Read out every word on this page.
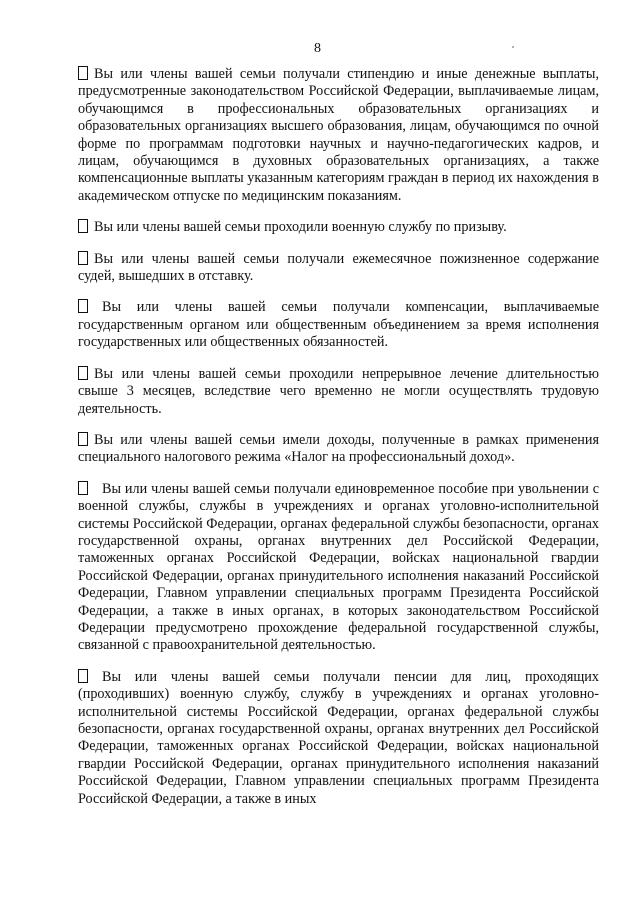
8

Вы или члены вашей семьи получали стипендию и иные денежные выплаты, предусмотренные законодательством Российской Федерации, выплачиваемые лицам, обучающимся в профессиональных образовательных организациях и образовательных организациях высшего образования, лицам, обучающимся по очной форме по программам подготовки научных и научно-педагогических кадров, и лицам, обучающимся в духовных образовательных организациях, а также компенсационные выплаты указанным категориям граждан в период их нахождения в академическом отпуске по медицинским показаниям.

Вы или члены вашей семьи проходили военную службу по призыву.

Вы или члены вашей семьи получали ежемесячное пожизненное содержание судей, вышедших в отставку.

Вы или члены вашей семьи получали компенсации, выплачиваемые государственным органом или общественным объединением за время исполнения государственных или общественных обязанностей.

Вы или члены вашей семьи проходили непрерывное лечение длительностью свыше 3 месяцев, вследствие чего временно не могли осуществлять трудовую деятельность.

Вы или члены вашей семьи имели доходы, полученные в рамках применения специального налогового режима «Налог на профессиональный доход».

Вы или члены вашей семьи получали единовременное пособие при увольнении с военной службы, службы в учреждениях и органах уголовно-исполнительной системы Российской Федерации, органах федеральной службы безопасности, органах государственной охраны, органах внутренних дел Российской Федерации, таможенных органах Российской Федерации, войсках национальной гвардии Российской Федерации, органах принудительного исполнения наказаний Российской Федерации, Главном управлении специальных программ Президента Российской Федерации, а также в иных органах, в которых законодательством Российской Федерации предусмотрено прохождение федеральной государственной службы, связанной с правоохранительной деятельностью.

Вы или члены вашей семьи получали пенсии для лиц, проходящих (проходивших) военную службу, службу в учреждениях и органах уголовно-исполнительной системы Российской Федерации, органах федеральной службы безопасности, органах государственной охраны, органах внутренних дел Российской Федерации, таможенных органах Российской Федерации, войсках национальной гвардии Российской Федерации, органах принудительного исполнения наказаний Российской Федерации, Главном управлении специальных программ Президента Российской Федерации, а также в иных
